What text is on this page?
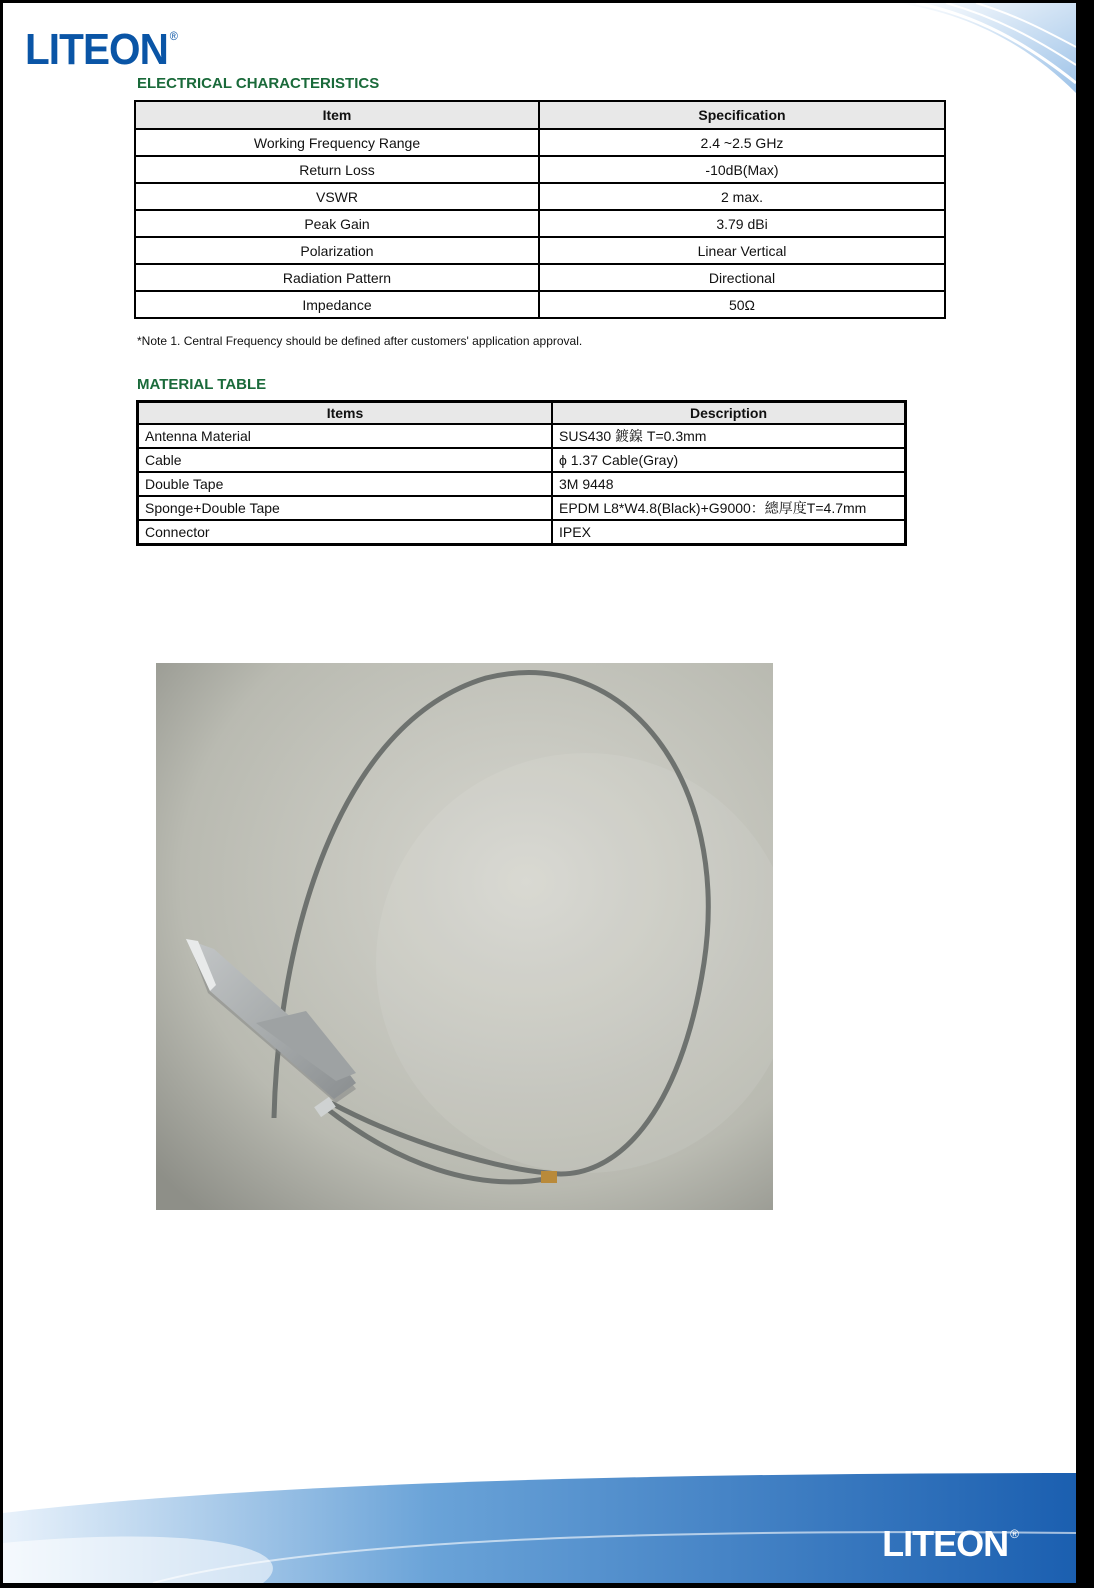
LITEON ®
ELECTRICAL CHARACTERISTICS
Item	Specification
Working Frequency Range	2.4 ~2.5 GHz
Return Loss	-10dB(Max)
VSWR	2 max.
Peak Gain	3.79 dBi
Polarization	Linear Vertical
Radiation Pattern	Directional
Impedance	50Ω
*Note 1. Central Frequency should be defined after customers' application approval.
MATERIAL TABLE
Items	Description
Antenna Material	SUS430 鍍鎳 T=0.3mm
Cable	ϕ 1.37 Cable(Gray)
Double Tape	3M 9448
Sponge+Double Tape	EPDM L8*W4.8(Black)+G9000：總厚度T=4.7mm
Connector	IPEX
LITEON ®
